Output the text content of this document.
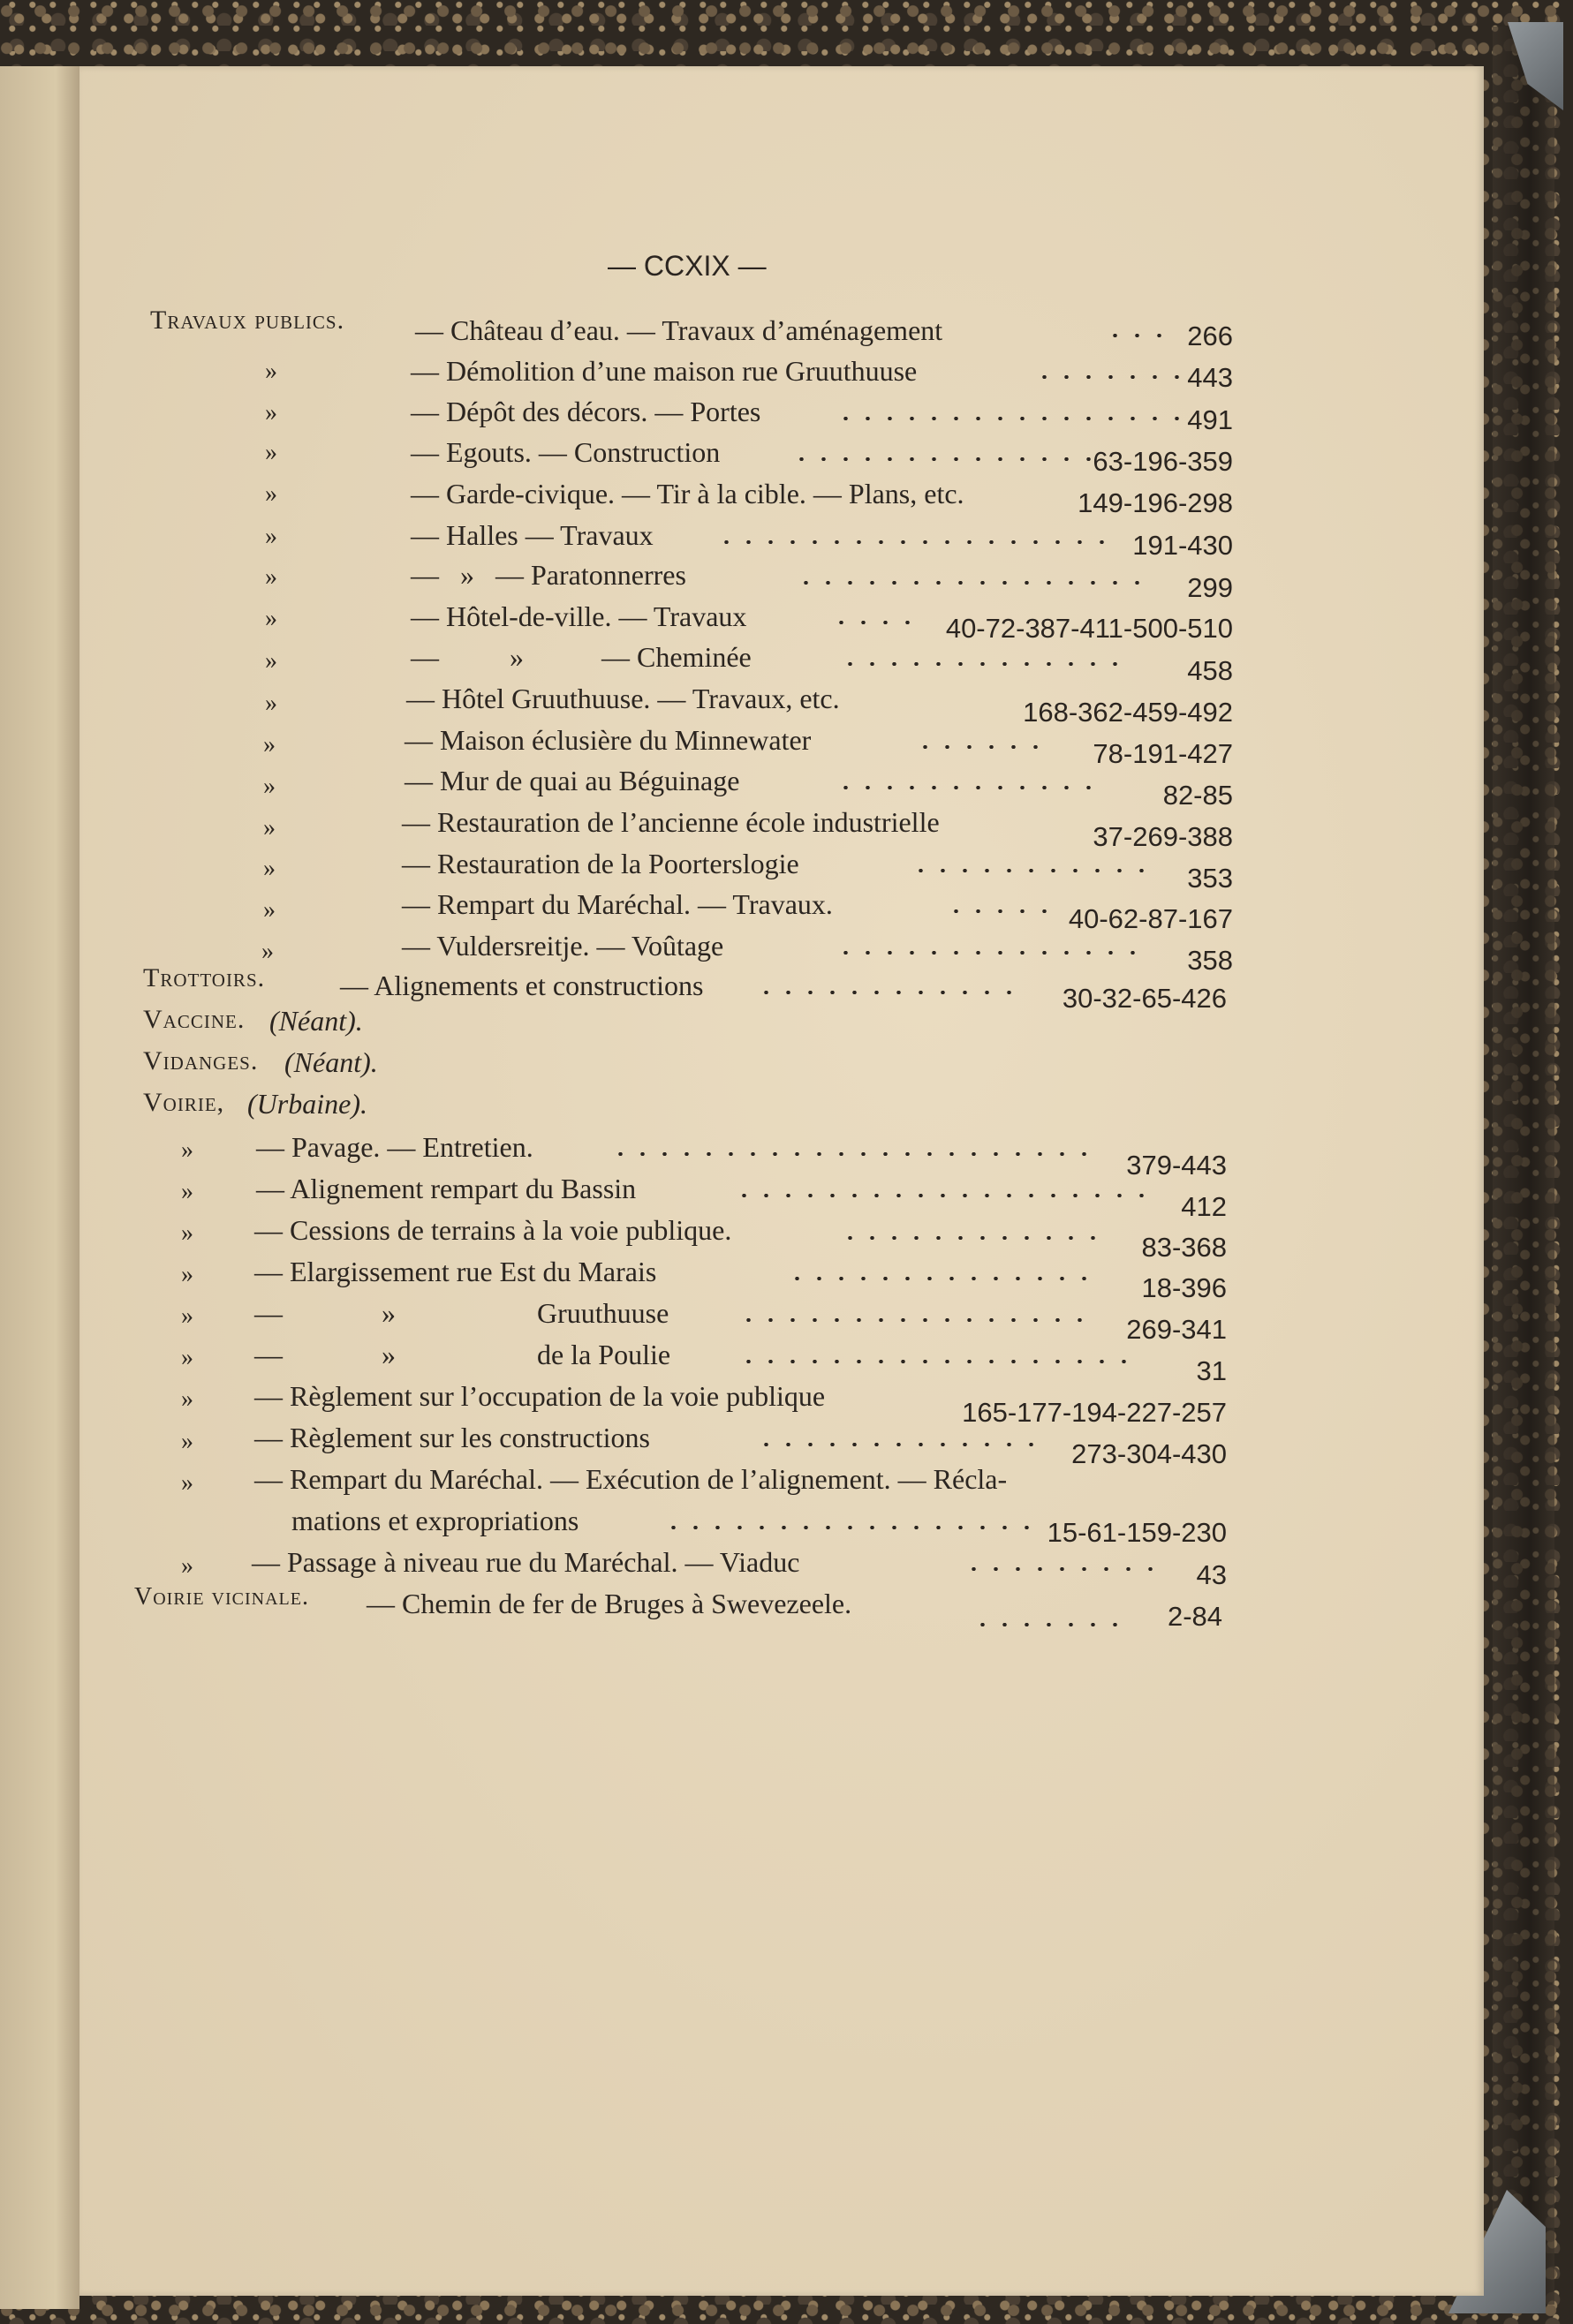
— CCXIX —
Travaux publics. — Château d’eau. — Travaux d’aménagement	266
»	— Démolition d’une maison rue Gruuthuuse	443
»	— Dépôt des décors. — Portes	491
»	— Egouts. — Construction	63-196-359
»	— Garde-civique. — Tir à la cible. — Plans, etc.	149-196-298
»	— Halles — Travaux	191-430
»	—   »   — Paratonnerres	299
»	— Hôtel-de-ville. — Travaux	40-72-387-411-500-510
»	—          »           — Cheminée	458
»	— Hôtel Gruuthuuse. — Travaux, etc.	168-362-459-492
»	— Maison éclusière du Minnewater	78-191-427
»	— Mur de quai au Béguinage	82-85
»	— Restauration de l’ancienne école industrielle	37-269-388
»	— Restauration de la Poorterslogie	353
»	— Rempart du Maréchal. — Travaux.	40-62-87-167
»	— Vuldersreitje. — Voûtage	358
Trottoirs.	— Alignements et constructions	30-32-65-426
Vaccine. (Néant).
Vidanges. (Néant).
Voirie, (Urbaine).
» — Pavage. — Entretien.
379-443
» — Alignement rempart du Bassin
412
» — Cessions de terrains à la voie publique.
83-368
» — Elargissement rue Est du Marais
18-396
» —              »                    Gruuthuuse
269-341
» —              »                    de la Poulie
31
» — Règlement sur l’occupation de la voie publique
165-177-194-227-257
» — Règlement sur les constructions
273-304-430
» — Rempart du Maréchal. — Exécution de l’alignement. — Récla-
mations et expropriations	15-61-159-230
» — Passage à niveau rue du Maréchal. — Viaduc	43
Voirie vicinale. — Chemin de fer de Bruges à Swevezeele.	2-84
